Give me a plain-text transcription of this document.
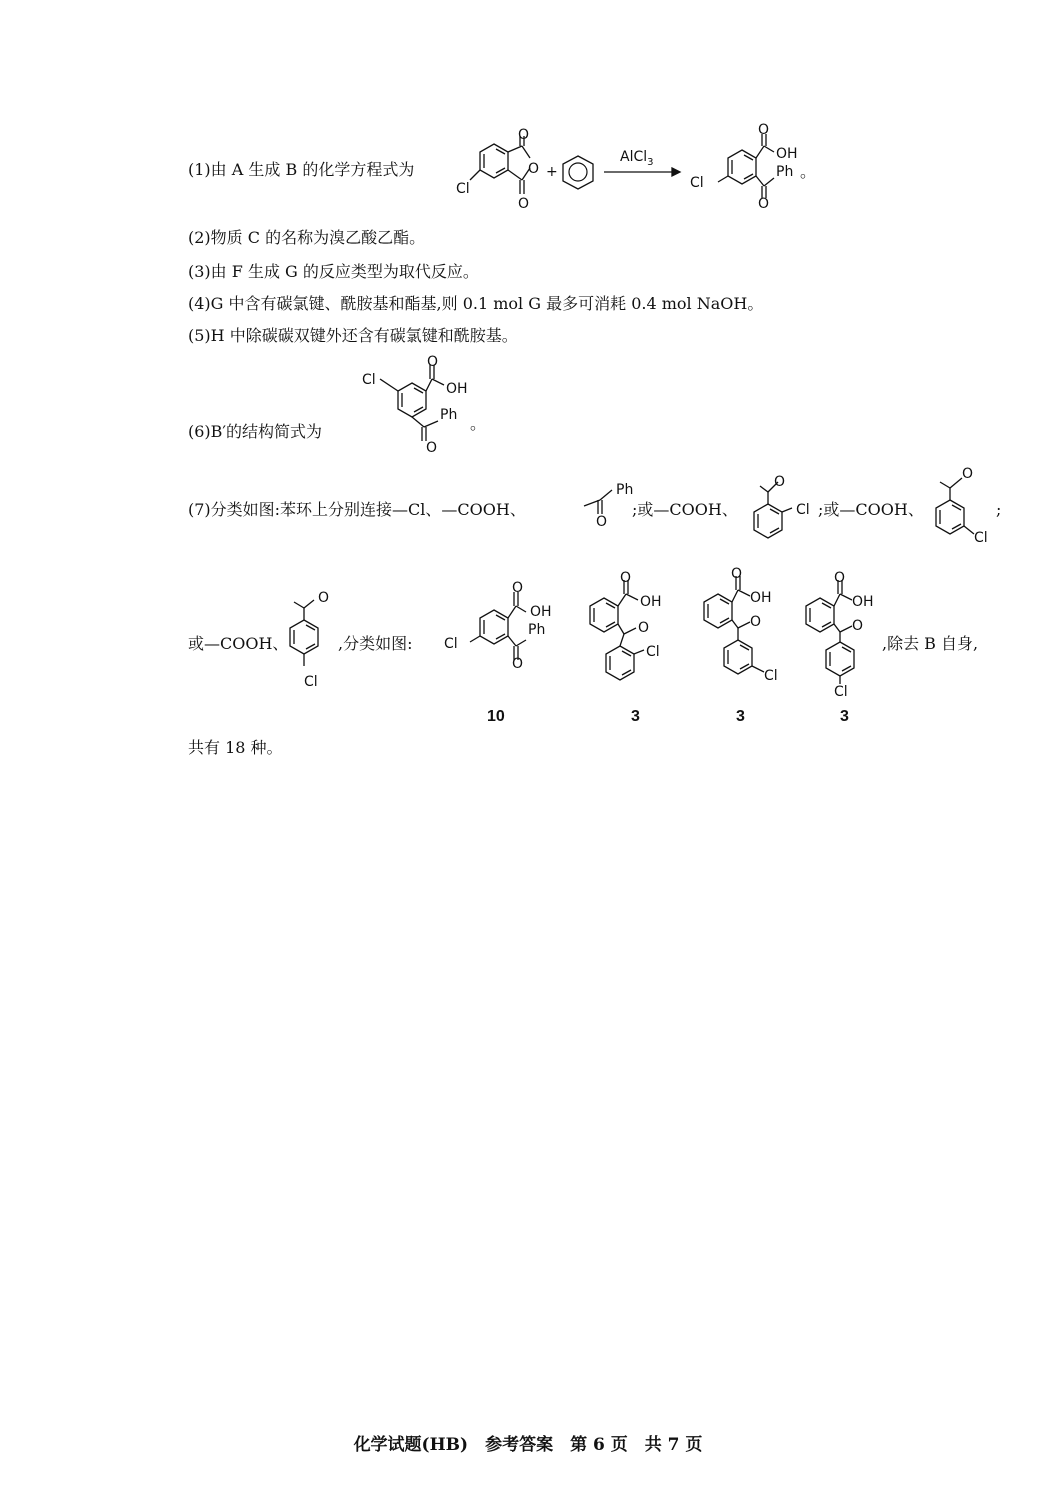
(1)由 A 生成 B 的化学方程式为
O
O
O
Cl
+
AlCl$_3$
O
OH
Ph
O
Cl
。
(2)物质 C 的名称为溴乙酸乙酯。
(3)由 F 生成 G 的反应类型为取代反应。
(4)G 中含有碳氯键、酰胺基和酯基,则 0.1 mol G 最多可消耗 0.4 mol NaOH。
(5)H 中除碳碳双键外还含有碳氯键和酰胺基。
(6)B′的结构简式为
O
OH
Ph
O
Cl
。
(7)分类如图:苯环上分别连接—Cl、—COOH、
Ph
O
;或—COOH、
O
Cl ;或—COOH、
O
Cl
;
或—COOH、
O
Cl
,分类如图:
O
OH
Ph
O
Cl
O
OH
O
Cl
O
OH
O
Cl
O
OH
O
Cl
,除去 B 自身,
10	3	3	3
共有 18 种。
化学试题(HB)　参考答案　第 6 页　共 7 页
